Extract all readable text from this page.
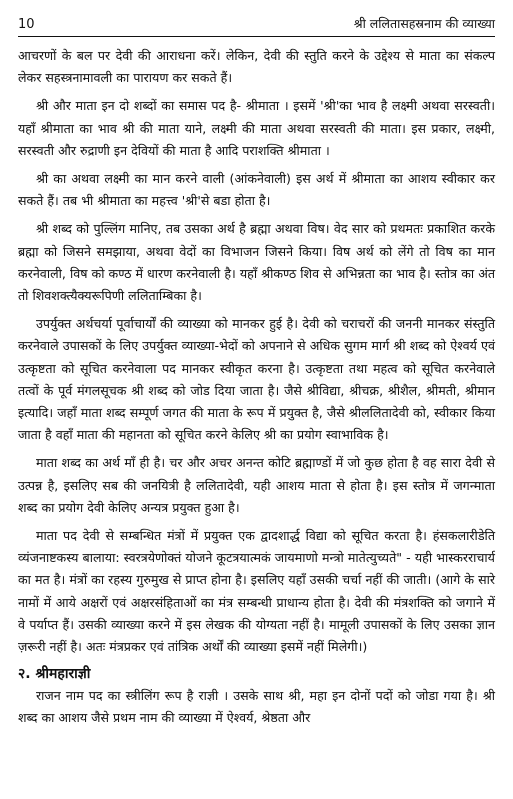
10	श्री ललितासहस्रनाम की व्याख्या

आचरणों के बल पर देवी की आराधना करें। लेकिन, देवी की स्तुति करने के उद्देश्य से माता का संकल्प लेकर सहस्त्रनामावली का पारायण कर सकते हैं।

श्री और माता इन दो शब्दों का समास पद है- श्रीमाता । इसमें 'श्री'का भाव है लक्ष्मी अथवा सरस्वती। यहाँ श्रीमाता का भाव श्री की माता याने, लक्ष्मी की माता अथवा सरस्वती की माता। इस प्रकार, लक्ष्मी, सरस्वती और रुद्राणी इन देवियों की माता है आदि पराशक्ति श्रीमाता ।

श्री का अथवा लक्ष्मी का मान करने वाली (आंकनेवाली) इस अर्थ में श्रीमाता का आशय स्वीकार कर सकते हैं। तब भी श्रीमाता का महत्त्व 'श्री'से बडा होता है।

श्री शब्द को पुल्लिंग मानिए, तब उसका अर्थ है ब्रह्मा अथवा विष। वेद सार को प्रथमतः प्रकाशित करके ब्रह्मा को जिसने समझाया, अथवा वेदों का विभाजन जिसने किया। विष अर्थ को लेंगे तो विष का मान करनेवाली, विष को कण्ठ में धारण करनेवाली है। यहाँ श्रीकण्ठ शिव से अभिन्नता का भाव है। स्तोत्र का अंत तो शिवशक्त्यैक्यरूपिणी ललिताम्बिका है।

उपर्युक्त अर्थचर्या पूर्वाचार्यों की व्याख्या को मानकर हुई है। देवी को चराचरों की जननी मानकर संस्तुति करनेवाले उपासकों के लिए उपर्युक्त व्याख्या-भेदों को अपनाने से अधिक सुगम मार्ग श्री शब्द को ऐश्वर्य एवं उत्कृष्टता को सूचित करनेवाला पद मानकर स्वीकृत करना है। उत्कृष्टता तथा महत्व को सूचित करनेवाले तत्वों के पूर्व मंगलसूचक श्री शब्द को जोड दिया जाता है। जैसे श्रीविद्या, श्रीचक्र, श्रीशैल, श्रीमती, श्रीमान इत्यादि। जहाँ माता शब्द सम्पूर्ण जगत की माता के रूप में प्रयुक्त है, जैसे श्रीललितादेवी को, स्वीकार किया जाता है वहाँ माता की महानता को सूचित करने केलिए श्री का प्रयोग स्वाभाविक है।

माता शब्द का अर्थ माँ ही है। चर और अचर अनन्त कोटि ब्रह्माण्डों में जो कुछ होता है वह सारा देवी से उत्पन्न है, इसलिए सब की जनयित्री है ललितादेवी, यही आशय माता से होता है। इस स्तोत्र में जगन्माता शब्द का प्रयोग देवी केलिए अन्यत्र प्रयुक्त हुआ है।

माता पद देवी से सम्बन्धित मंत्रों में प्रयुक्त एक द्वादशार्द्ध विद्या को सूचित करता है। हंसकलारीडेति व्यंजनाष्टकस्य बालाया: स्वरत्रयेणोक्तं योजने कूटत्रयात्मकं जायमाणो मन्त्रो मातेत्युच्यते" - यही भास्करराचार्य का मत है। मंत्रों का रहस्य गुरुमुख से प्राप्त होना है। इसलिए यहाँ उसकी चर्चा नहीं की जाती। (आगे के सारे नामों में आये अक्षरों एवं अक्षरसंहिताओं का मंत्र सम्बन्धी प्राधान्य होता है। देवी की मंत्रशक्ति को जगाने में वे पर्याप्त हैं। उसकी व्याख्या करने में इस लेखक की योग्यता नहीं है। मामूली उपासकों के लिए उसका ज्ञान ज़रूरी नहीं है। अतः मंत्रप्रकर एवं तांत्रिक अर्थों की व्याख्या इसमें नहीं मिलेगी।)

२. श्रीमहाराज्ञी

राजन नाम पद का स्त्रीलिंग रूप है राज्ञी । उसके साथ श्री, महा इन दोनों पदों को जोडा गया है। श्री शब्द का आशय जैसे प्रथम नाम की व्याख्या में ऐश्वर्य, श्रेष्ठता और
